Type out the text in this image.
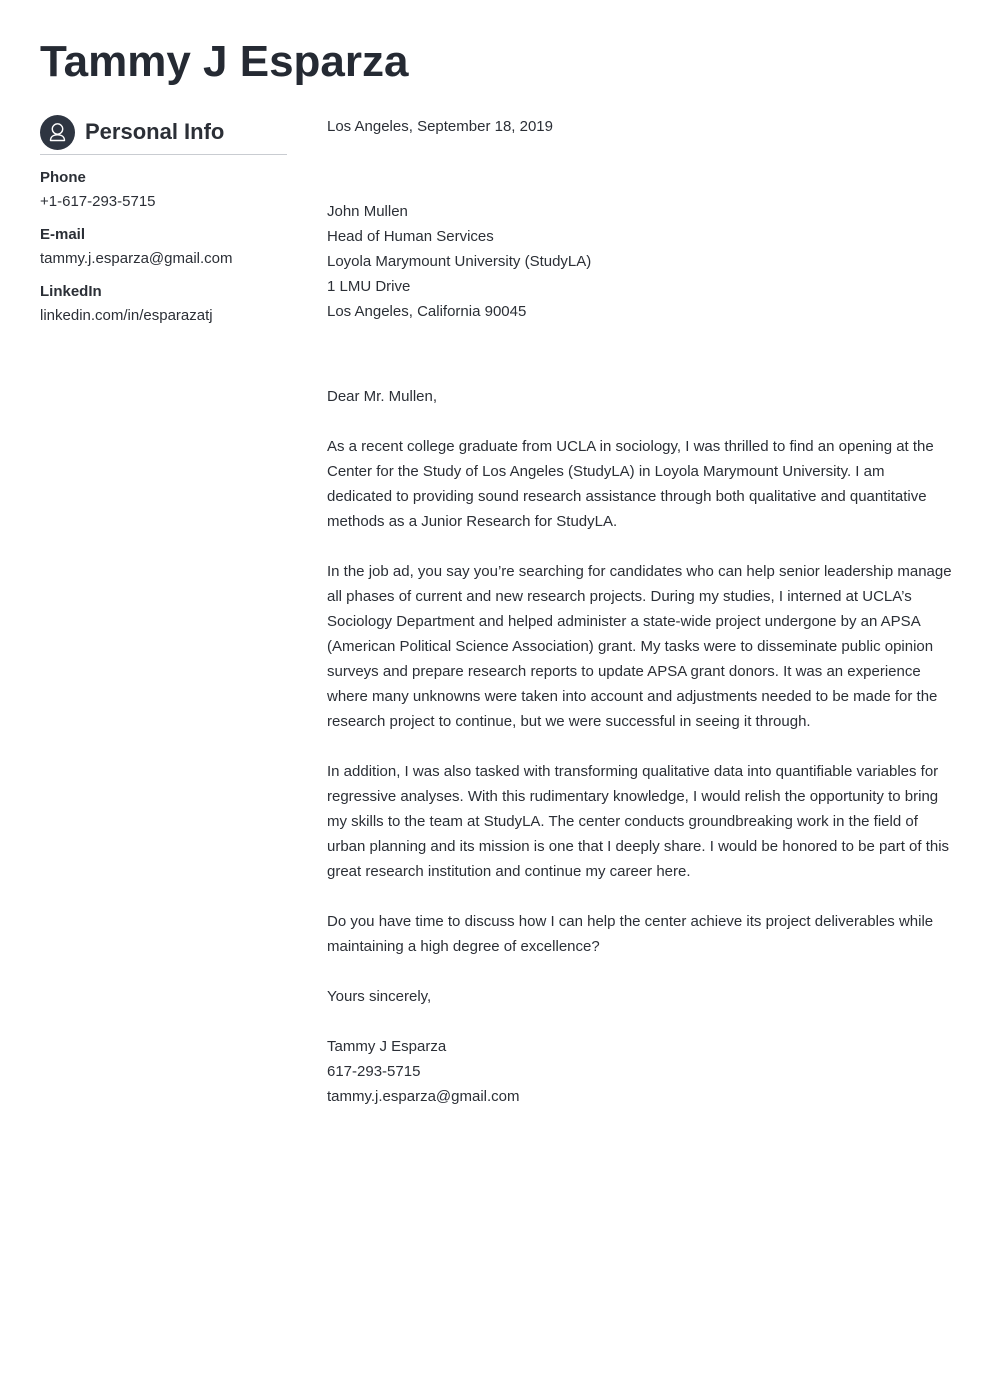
Tammy J Esparza
Personal Info
Phone
+1-617-293-5715
E-mail
tammy.j.esparza@gmail.com
LinkedIn
linkedin.com/in/esparazatj
Los Angeles, September 18, 2019
John Mullen
Head of Human Services
Loyola Marymount University (StudyLA)
1 LMU Drive
Los Angeles, California 90045
Dear Mr. Mullen,
As a recent college graduate from UCLA in sociology, I was thrilled to find an opening at the Center for the Study of Los Angeles (StudyLA) in Loyola Marymount University. I am dedicated to providing sound research assistance through both qualitative and quantitative methods as a Junior Research for StudyLA.
In the job ad, you say you’re searching for candidates who can help senior leadership manage all phases of current and new research projects. During my studies, I interned at UCLA’s Sociology Department and helped administer a state-wide project undergone by an APSA (American Political Science Association) grant. My tasks were to disseminate public opinion surveys and prepare research reports to update APSA grant donors. It was an experience where many unknowns were taken into account and adjustments needed to be made for the research project to continue, but we were successful in seeing it through.
In addition, I was also tasked with transforming qualitative data into quantifiable variables for regressive analyses. With this rudimentary knowledge, I would relish the opportunity to bring my skills to the team at StudyLA. The center conducts groundbreaking work in the field of urban planning and its mission is one that I deeply share. I would be honored to be part of this great research institution and continue my career here.
Do you have time to discuss how I can help the center achieve its project deliverables while maintaining a high degree of excellence?
Yours sincerely,
Tammy J Esparza
617-293-5715
tammy.j.esparza@gmail.com
